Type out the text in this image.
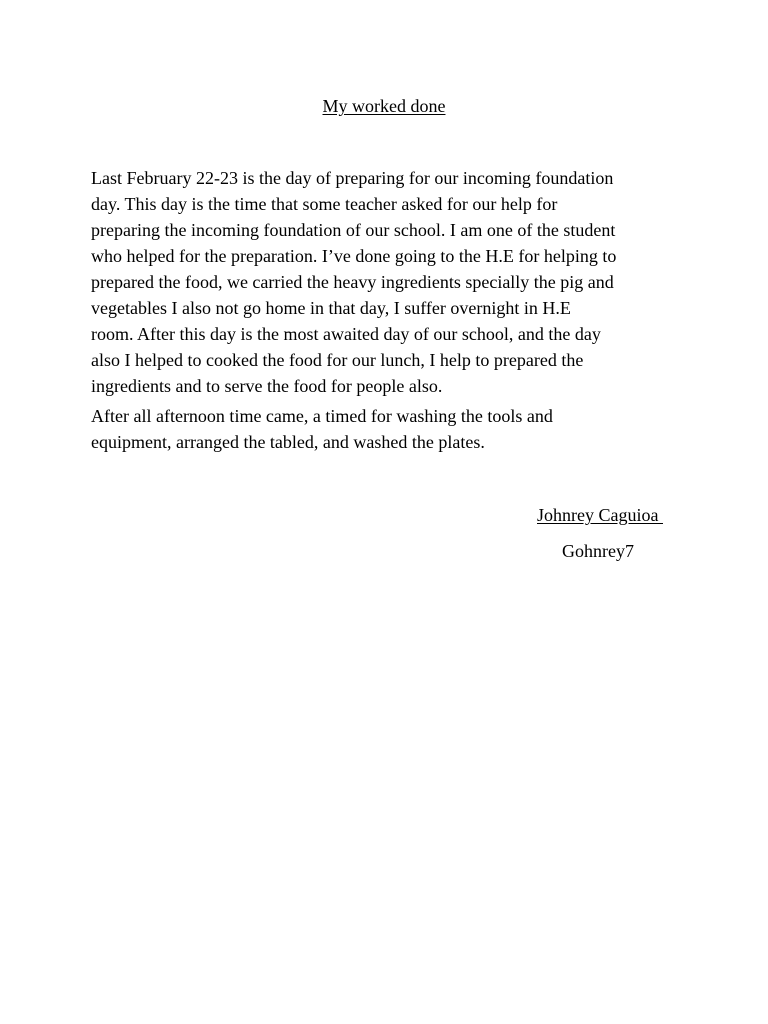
My worked done

Last February 22-23 is the day of preparing for our incoming foundation
day. This day is the time that some teacher asked for our help for
preparing the incoming foundation of our school. I am one of the student
who helped for the preparation. I’ve done going to the H.E for helping to
prepared the food, we carried the heavy ingredients specially the pig and
vegetables I also not go home in that day, I suffer overnight in H.E
room. After this day is the most awaited day of our school, and the day
also I helped to cooked the food for our lunch, I help to prepared the
ingredients and to serve the food for people also.

After all afternoon time came, a timed for washing the tools and
equipment, arranged the tabled, and washed the plates.

Johnrey Caguioa
Gohnrey7
